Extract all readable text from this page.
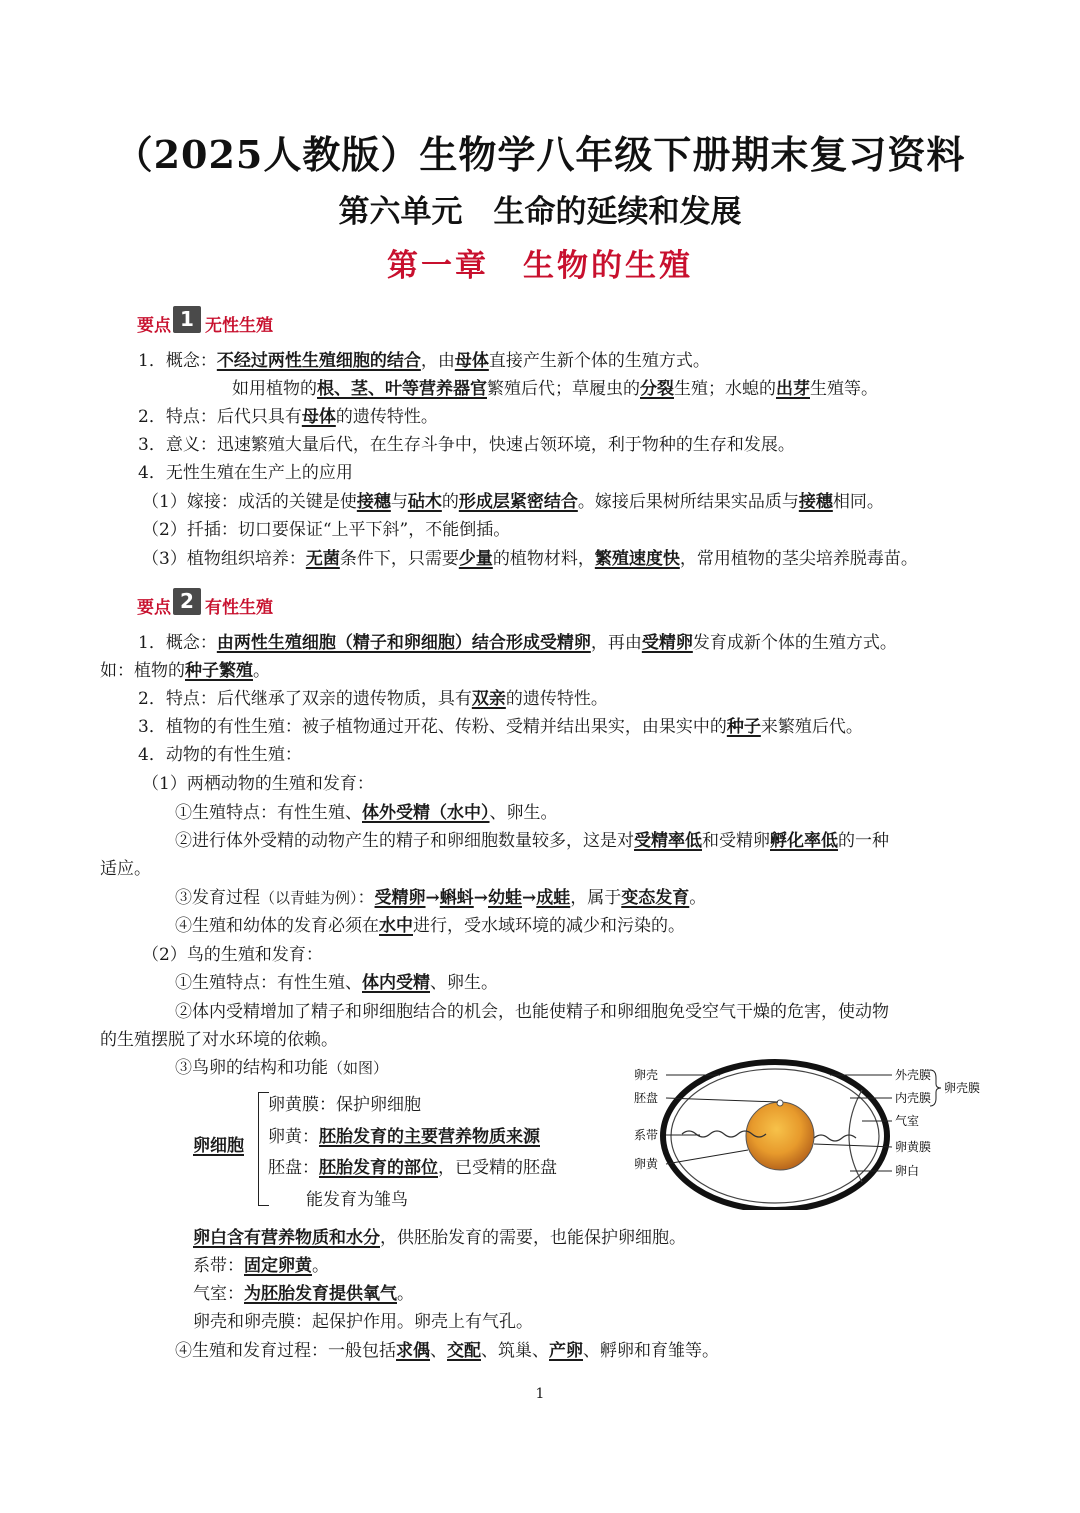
（2025人教版）生物学八年级下册期末复习资料
第六单元　生命的延续和发展
第一章　生物的生殖
要点 1 无性生殖
1．概念：不经过两性生殖细胞的结合，由母体直接产生新个体的生殖方式。
如用植物的根、茎、叶等营养器官繁殖后代；草履虫的分裂生殖；水螅的出芽生殖等。
2．特点：后代只具有母体的遗传特性。
3．意义：迅速繁殖大量后代，在生存斗争中，快速占领环境，利于物种的生存和发展。
4．无性生殖在生产上的应用
（1）嫁接：成活的关键是使接穗与砧木的形成层紧密结合。嫁接后果树所结果实品质与接穗相同。
（2）扦插：切口要保证“上平下斜”，不能倒插。
（3）植物组织培养：无菌条件下，只需要少量的植物材料，繁殖速度快，常用植物的茎尖培养脱毒苗。
要点 2 有性生殖
1．概念：由两性生殖细胞（精子和卵细胞）结合形成受精卵，再由受精卵发育成新个体的生殖方式。
如：植物的种子繁殖。
2．特点：后代继承了双亲的遗传物质，具有双亲的遗传特性。
3．植物的有性生殖：被子植物通过开花、传粉、受精并结出果实，由果实中的种子来繁殖后代。
4．动物的有性生殖：
（1）两栖动物的生殖和发育：
①生殖特点：有性生殖、体外受精（水中）、卵生。
②进行体外受精的动物产生的精子和卵细胞数量较多，这是对受精率低和受精卵孵化率低的一种
适应。
③发育过程（以青蛙为例）：受精卵→蝌蚪→幼蛙→成蛙，属于变态发育。
④生殖和幼体的发育必须在水中进行，受水域环境的减少和污染的。
（2）鸟的生殖和发育：
①生殖特点：有性生殖、体内受精、卵生。
②体内受精增加了精子和卵细胞结合的机会，也能使精子和卵细胞免受空气干燥的危害，使动物
的生殖摆脱了对水环境的依赖。
③鸟卵的结构和功能（如图）
卵细胞
卵黄膜：保护卵细胞
卵黄：胚胎发育的主要营养物质来源
胚盘：胚胎发育的部位，已受精的胚盘
能发育为雏鸟
卵壳
胚盘
系带
卵黄
外壳膜
内壳膜
气室
卵黄膜
卵白
卵壳膜
卵白含有营养物质和水分，供胚胎发育的需要，也能保护卵细胞。
系带：固定卵黄。
气室：为胚胎发育提供氧气。
卵壳和卵壳膜：起保护作用。卵壳上有气孔。
④生殖和发育过程：一般包括求偶、交配、筑巢、产卵、孵卵和育雏等。
1
